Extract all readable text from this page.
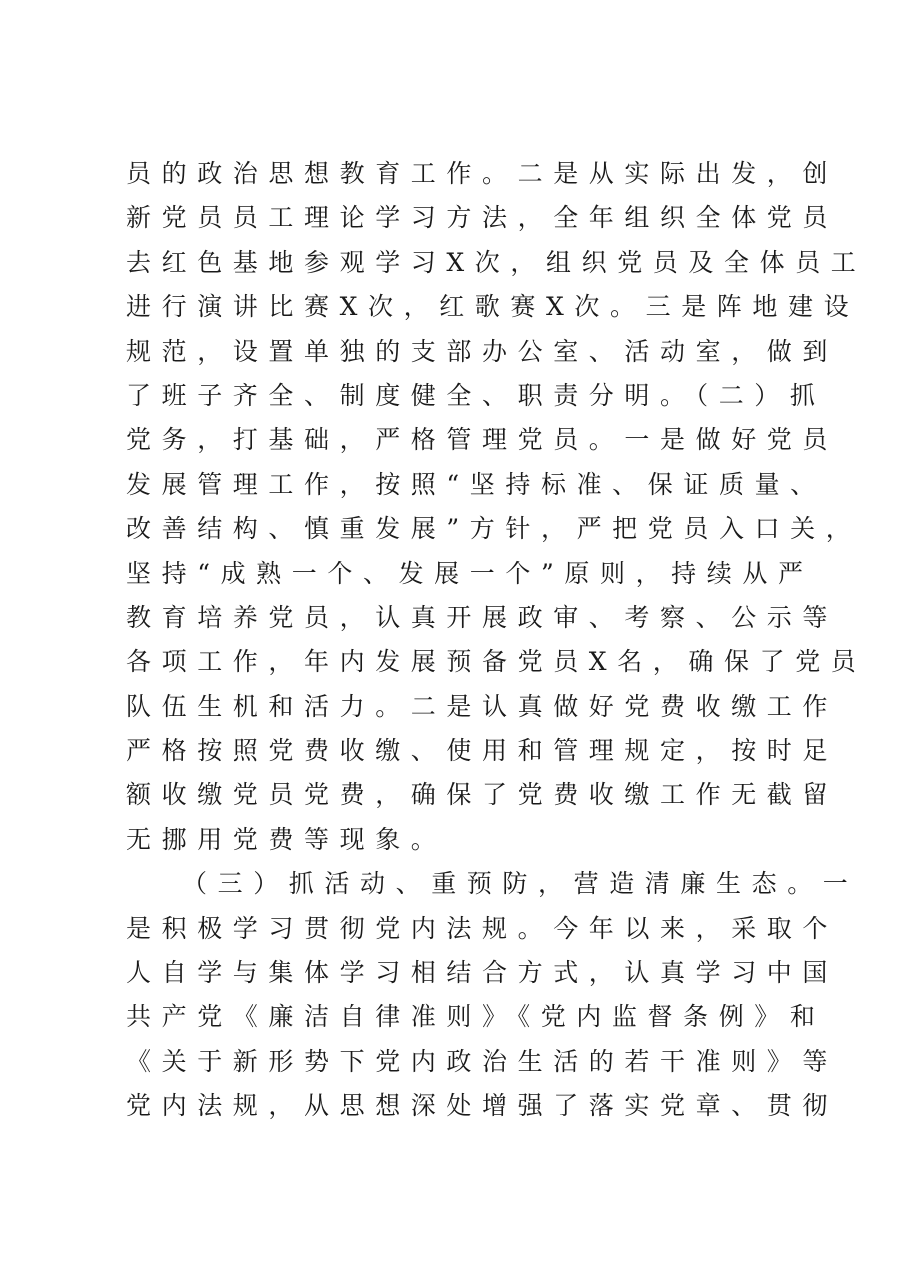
员的政治思想教育工作。二是从实际出发，创
新党员员工理论学习方法，全年组织全体党员
去红色基地参观学习X次，组织党员及全体员工
进行演讲比赛X次，红歌赛X次。三是阵地建设
规范，设置单独的支部办公室、活动室，做到
了班子齐全、制度健全、职责分明。（二）抓
党务，打基础，严格管理党员。一是做好党员
发展管理工作，按照“坚持标准、保证质量、
改善结构、慎重发展”方针，严把党员入口关，
坚持“成熟一个、发展一个”原则，持续从严
教育培养党员，认真开展政审、考察、公示等
各项工作，年内发展预备党员X名，确保了党员
队伍生机和活力。二是认真做好党费收缴工作
严格按照党费收缴、使用和管理规定，按时足
额收缴党员党费，确保了党费收缴工作无截留
无挪用党费等现象。
（三）抓活动、重预防，营造清廉生态。一
是积极学习贯彻党内法规。今年以来，采取个
人自学与集体学习相结合方式，认真学习中国
共产党《廉洁自律准则》《党内监督条例》和
《关于新形势下党内政治生活的若干准则》等
党内法规，从思想深处增强了落实党章、贯彻
